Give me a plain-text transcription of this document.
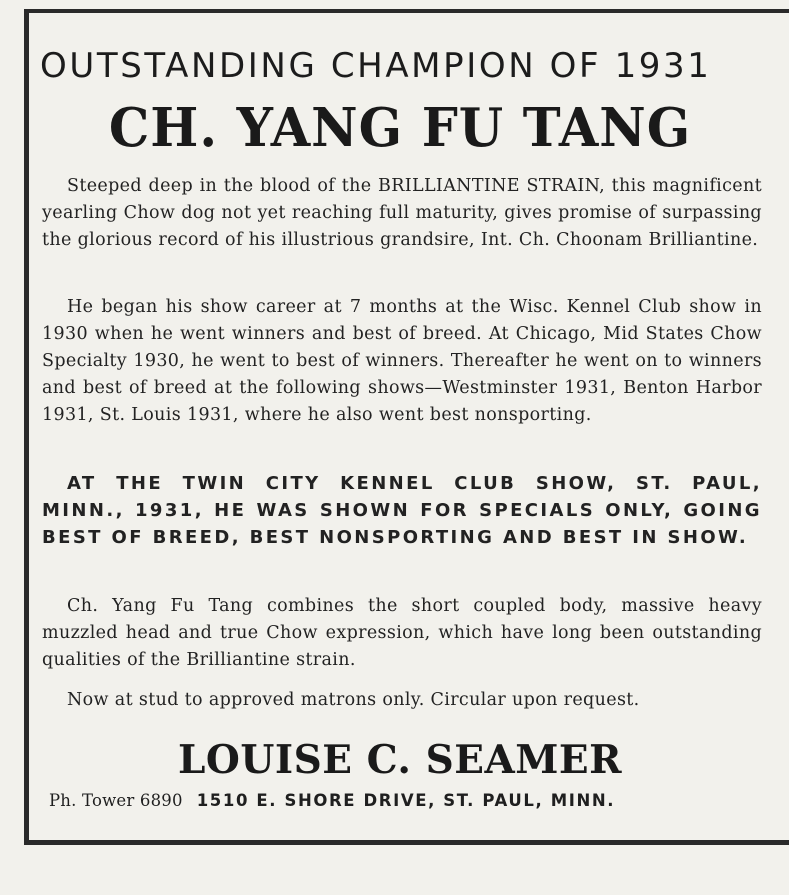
OUTSTANDING CHAMPION OF 1931
CH. YANG FU TANG

Steeped deep in the blood of the BRILLIANTINE STRAIN, this magnificent yearling Chow dog not yet reaching full maturity, gives promise of surpassing the glorious record of his illustrious grandsire, Int. Ch. Choonam Brilliantine.

He began his show career at 7 months at the Wisc. Kennel Club show in 1930 when he went winners and best of breed. At Chicago, Mid States Chow Specialty 1930, he went to best of winners. Thereafter he went on to winners and best of breed at the following shows—Westminster 1931, Benton Harbor 1931, St. Louis 1931, where he also went best nonsporting.

AT THE TWIN CITY KENNEL CLUB SHOW, ST. PAUL, MINN., 1931, HE WAS SHOWN FOR SPECIALS ONLY, GOING BEST OF BREED, BEST NONSPORTING AND BEST IN SHOW.

Ch. Yang Fu Tang combines the short coupled body, massive heavy muzzled head and true Chow expression, which have long been outstanding qualities of the Brilliantine strain.

Now at stud to approved matrons only. Circular upon request.

LOUISE C. SEAMER
Ph. Tower 6890 1510 E. SHORE DRIVE, ST. PAUL, MINN.
